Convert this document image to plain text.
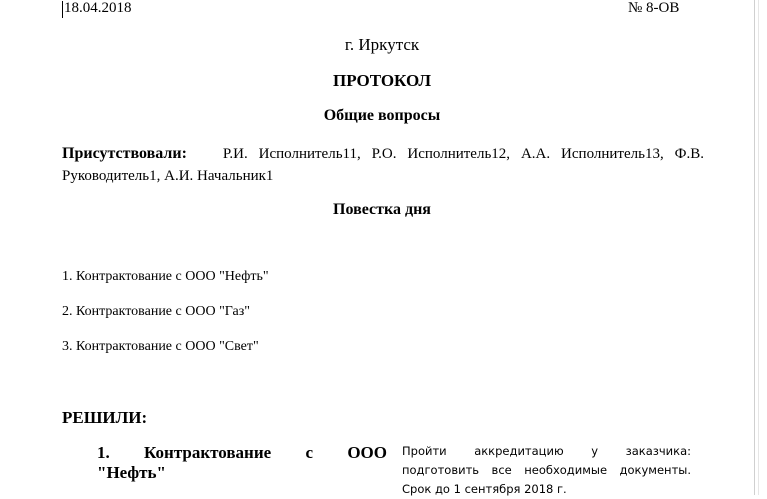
18.04.2018	№ 8-ОВ
г. Иркутск
ПРОТОКОЛ
Общие вопросы
Присутствовали: Р.И. Исполнитель11, Р.О. Исполнитель12, А.А. Исполнитель13, Ф.В. Руководитель1, А.И. Начальник1
Повестка дня
1. Контрактование с ООО "Нефть"
2. Контрактование с ООО "Газ"
3. Контрактование с ООО "Свет"
РЕШИЛИ:
1. Контрактование с ООО
"Нефть"
Пройти аккредитацию у заказчика:
подготовить все необходимые документы.
Срок до 1 сентября 2018 г.
